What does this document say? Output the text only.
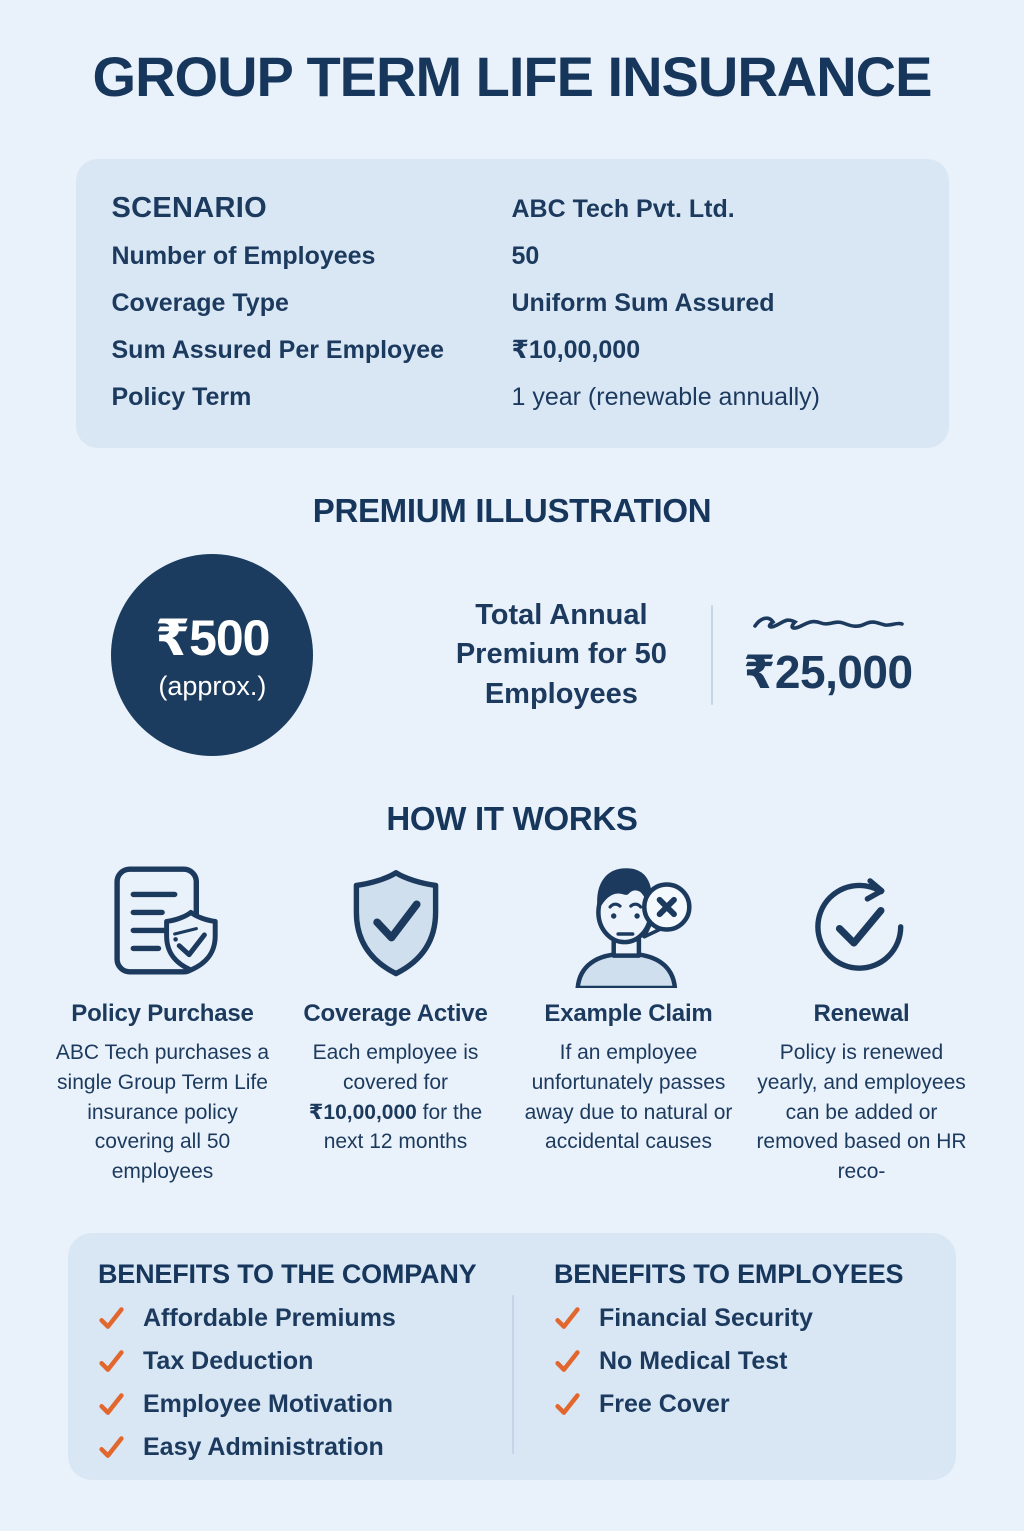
GROUP TERM LIFE INSURANCE
SCENARIO	ABC Tech Pvt. Ltd.
Number of Employees	50
Coverage Type	Uniform Sum Assured
Sum Assured Per Employee	₹10,00,000
Policy Term	1 year (renewable annually)
PREMIUM ILLUSTRATION
₹500
(approx.)
Total Annual Premium for 50 Employees	₹25,000
HOW IT WORKS
Policy Purchase

ABC Tech purchases a single Group Term Life insurance policy covering all 50 employees

Coverage Active

Each employee is covered for ₹10,00,000 for the next 12 months

Example Claim

If an employee unfortunately passes away due to natural or accidental causes

Renewal

Policy is renewed yearly, and employees can be added or removed based on HR reco-

BENEFITS TO THE COMPANY
Affordable Premiums
Tax Deduction
Employee Motivation
Easy Administration
BENEFITS TO EMPLOYEES
Financial Security
No Medical Test
Free Cover
